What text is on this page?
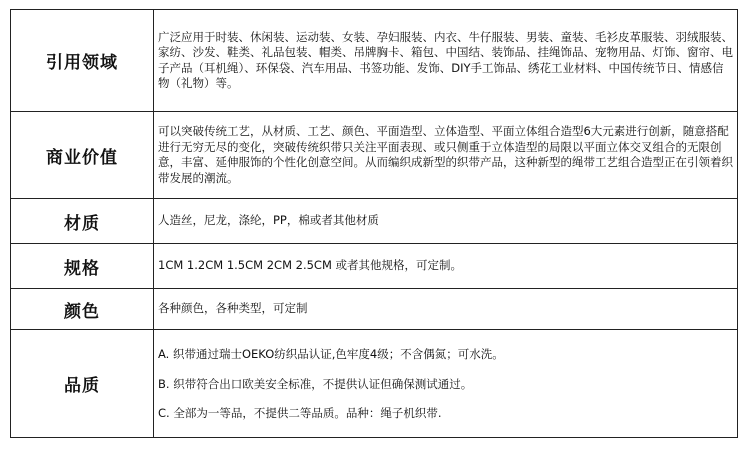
引用领域	广泛应用于时装、休闲装、运动装、女装、孕妇服装、内衣、牛仔服装、男装、童装、毛衫皮革服装、羽绒服装、家纺、沙发、鞋类、礼品包装、帽类、吊牌胸卡、箱包、中国结、装饰品、挂绳饰品、宠物用品、灯饰、窗帘、电子产品（耳机绳）、环保袋、汽车用品、书签功能、发饰、DIY手工饰品、绣花工业材料、中国传统节日、情感信物（礼物）等。

商业价值	可以突破传统工艺，从材质、工艺、颜色、平面造型、立体造型、平面立体组合造型6大元素进行创新，随意搭配进行无穷无尽的变化，突破传统织带只关注平面表现、或只侧重于立体造型的局限以平面立体交叉组合的无限创意，丰富、延伸服饰的个性化创意空间。从而编织成新型的织带产品，这种新型的绳带工艺组合造型正在引领着织带发展的潮流。

材质	人造丝，尼龙，涤纶，PP，棉或者其他材质

规格	1CM 1.2CM 1.5CM 2CM 2.5CM 或者其他规格，可定制。

颜色	各种颜色，各种类型，可定制

品质	A. 织带通过瑞士OEKO纺织品认证,色牢度4级；不含偶氮；可水洗。
B. 织带符合出口欧美安全标准，不提供认证但确保测试通过。
C. 全部为一等品，不提供二等品质。品种：绳子机织带.
